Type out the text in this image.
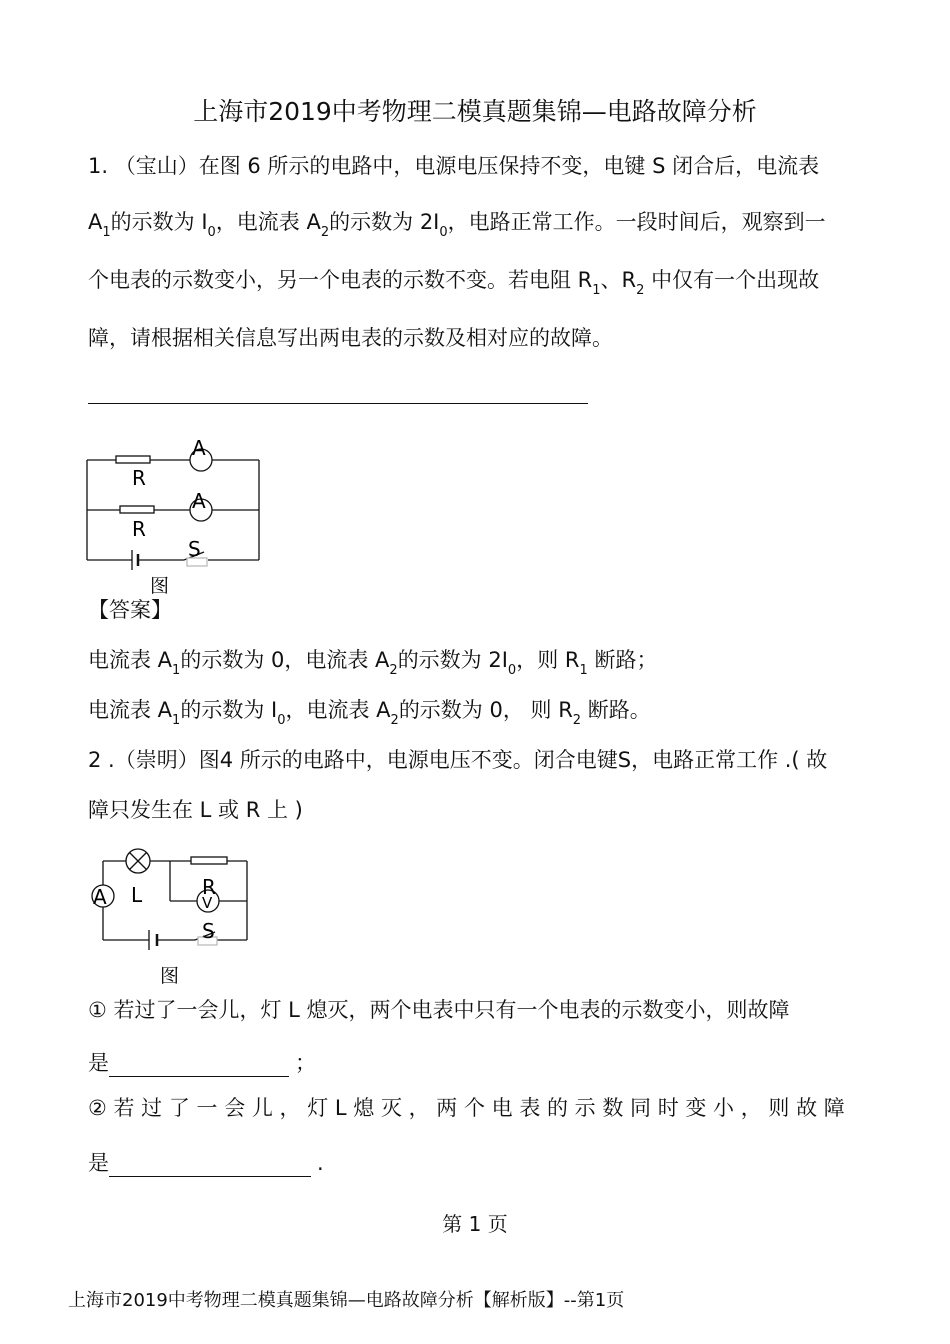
上海市2019中考物理二模真题集锦—电路故障分析
1. （宝山）在图 6 所示的电路中，电源电压保持不变，电键 S 闭合后，电流表
$A_1$的示数为 $I_0$，电流表 $A_2$的示数为 $2I_0$，电路正常工作。一段时间后，观察到一
个电表的示数变小，另一个电表的示数不变。若电阻 $R_1$、$R_2$ 中仅有一个出现故
障，请根据相关信息写出两电表的示数及相对应的故障。
R
R
A
A
S
图
【答案】
电流表 $A_1$的示数为 0，电流表 $A_2$的示数为 $2I_0$，则 $R_1$ 断路；
电流表 $A_1$的示数为 $I_0$，电流表 $A_2$的示数为 0， 则 $R_2$ 断路。
2 .（崇明）图4 所示的电路中，电源电压不变。闭合电键S，电路正常工作 .( 故
障只发生在 L 或 R 上 )
A L	R
V
S
图
① 若过了一会儿，灯 L 熄灭，两个电表中只有一个电表的示数变小，则故障
是	；
② 若 过 了 一 会 儿 ， 灯 L 熄 灭 ， 两 个 电 表 的 示 数 同 时 变 小 ， 则 故 障
是	.
第 1 页
上海市2019中考物理二模真题集锦—电路故障分析【解析版】--第1页
